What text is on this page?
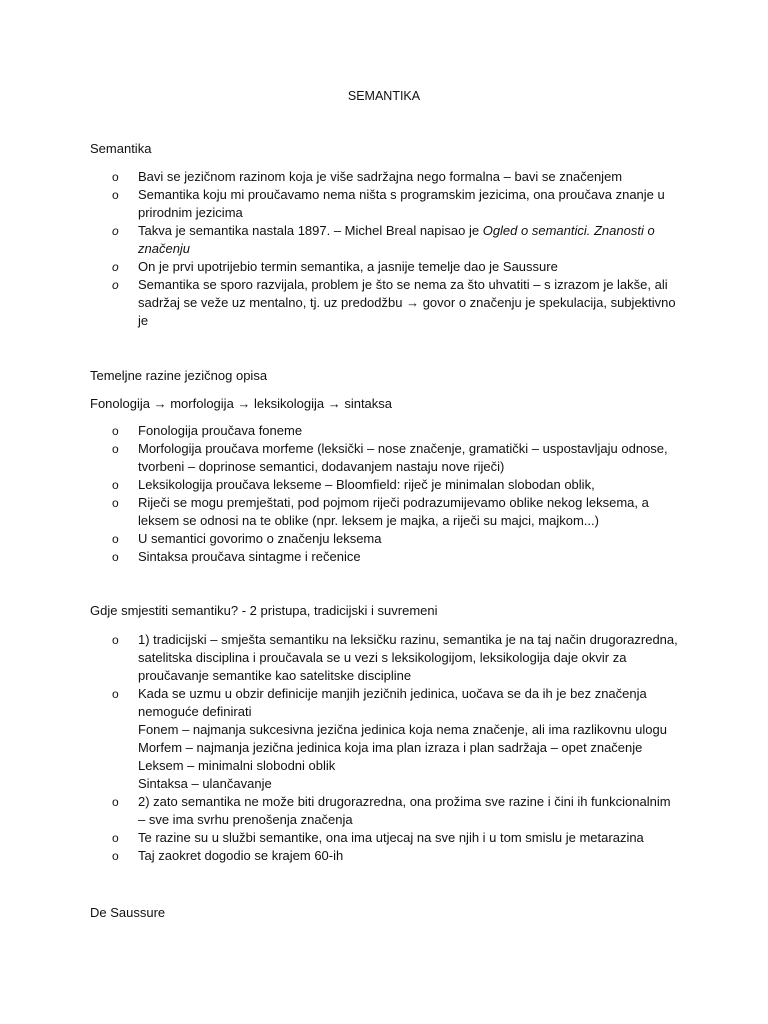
SEMANTIKA
Semantika
o	Bavi se jezičnom razinom koja je više sadržajna nego formalna – bavi se značenjem
o	Semantika koju mi proučavamo nema ništa s programskim jezicima, ona proučava znanje u
prirodnim jezicima
o	Takva je semantika nastala 1897. – Michel Breal napisao je Ogled o semantici. Znanosti o
značenju
o	On je prvi upotrijebio termin semantika, a jasnije temelje dao je Saussure
o	Semantika se sporo razvijala, problem je što se nema za što uhvatiti – s izrazom je lakše, ali
sadržaj se veže uz mentalno, tj. uz predodžbu → govor o značenju je spekulacija, subjektivno
je
Temeljne razine jezičnog opisa
Fonologija → morfologija → leksikologija → sintaksa
o	Fonologija proučava foneme
o	Morfologija proučava morfeme (leksički – nose značenje, gramatički – uspostavljaju odnose,
tvorbeni – doprinose semantici, dodavanjem nastaju nove riječi)
o	Leksikologija proučava lekseme – Bloomfield: riječ je minimalan slobodan oblik,
o	Riječi se mogu premještati, pod pojmom riječi podrazumijevamo oblike nekog leksema, a
leksem se odnosi na te oblike (npr. leksem je majka, a riječi su majci, majkom...)
o	U semantici govorimo o značenju leksema
o	Sintaksa proučava sintagme i rečenice
Gdje smjestiti semantiku? - 2 pristupa, tradicijski i suvremeni
o	1) tradicijski – smješta semantiku na leksičku razinu, semantika je na taj način drugorazredna,
satelitska disciplina i proučavala se u vezi s leksikologijom, leksikologija daje okvir za
proučavanje semantike kao satelitske discipline
o	Kada se uzmu u obzir definicije manjih jezičnih jedinica, uočava se da ih je bez značenja
nemoguće definirati
Fonem – najmanja sukcesivna jezična jedinica koja nema značenje, ali ima razlikovnu ulogu
Morfem – najmanja jezična jedinica koja ima plan izraza i plan sadržaja – opet značenje
Leksem – minimalni slobodni oblik
Sintaksa – ulančavanje
o	2) zato semantika ne može biti drugorazredna, ona prožima sve razine i čini ih funkcionalnim
– sve ima svrhu prenošenja značenja
o	Te razine su u službi semantike, ona ima utjecaj na sve njih i u tom smislu je metarazina
o	Taj zaokret dogodio se krajem 60-ih
De Saussure
